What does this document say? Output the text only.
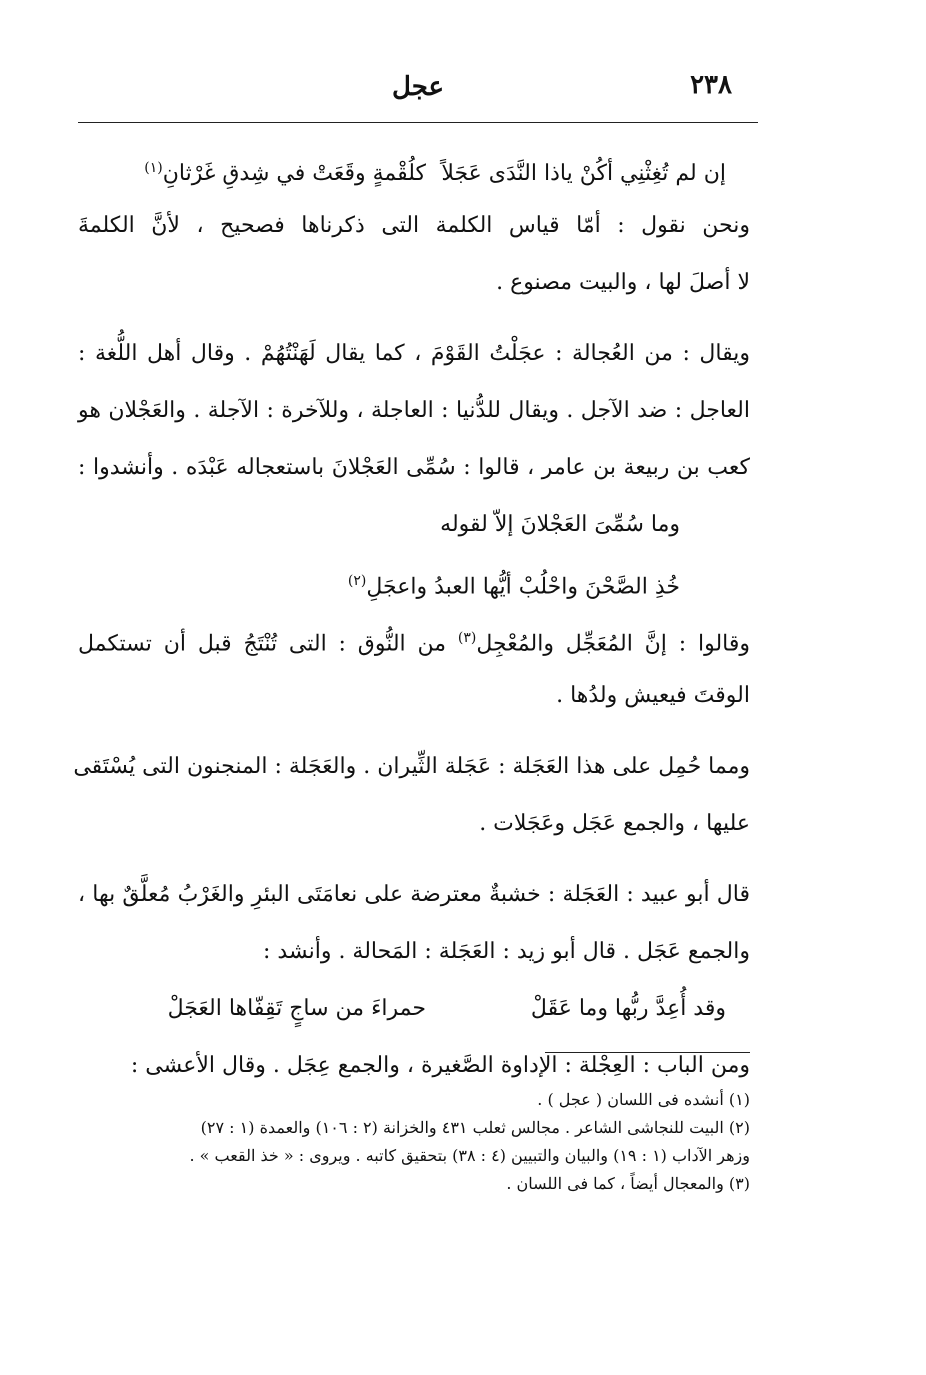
٢٣٨
عجل
إن لم تُغِثْنِي أكُنْ ياذا النَّدَى عَجَلاًكلُقْمةٍ وقَعَتْ في شِدقِ غَرْثانِ$^{(١)}$
ونحن نقول : أمّا قياس الكلمة التى ذكرناها فصحيح ، لأنَّ الكلمةَ
لا أصلَ لها ، والبيت مصنوع .
ويقال : من العُجالة : عجَلْتُ القَوْمَ ، كما يقال لَهَنْتُهُمْ . وقال أهل اللُّغة :
العاجل : ضد الآجل . ويقال للدُّنيا : العاجلة ، وللآخرة : الآجلة . والعَجْلان هو
كعب بن ربيعة بن عامر ، قالوا : سُمِّى العَجْلانَ باستعجاله عَبْدَه . وأنشدوا :
وما سُمِّىَ العَجْلانَ إلاّ لقوله
خُذِ الصَّحْنَ واحْلُبْ أيُّها العبدُ واعجَلِ$^{(٢)}$
وقالوا : إنَّ المُعَجِّل والمُعْجِل$^{(٣)}$ من النُّوق : التى تُنْتَجُ قبل أن تستكمل
الوقتَ فيعيش ولدُها .
ومما حُمِل على هذا العَجَلة : عَجَلة الثِّيران . والعَجَلة : المنجنون التى يُسْتَقى
عليها ، والجمع عَجَل وعَجَلات .
قال أبو عبيد : العَجَلة : خشبةٌ معترضة على نعامَتَى البئرِ والغَرْبُ مُعلَّقٌ بها ،
والجمع عَجَل . قال أبو زيد : العَجَلة : المَحالة . وأنشد :
وقد أُعِدَّ ربُّها وما عَقَلْحمراءَ من ساجٍ تَقِفّاها العَجَلْ
ومن الباب : العِجْلة : الإداوة الصَّغيرة ، والجمع عِجَل . وقال الأعشى :
(١) أنشده فى اللسان ( عجل ) .
(٢) البيت للنجاشى الشاعر . مجالس ثعلب ٤٣١ والخزانة (٢ : ١٠٦) والعمدة (١ : ٢٧)
وزهر الآداب (١ : ١٩) والبيان والتبيين (٤ : ٣٨) بتحقيق كاتبه . ويروى : « خذ القعب » .
(٣) والمعجال أيضاً ، كما فى اللسان .
